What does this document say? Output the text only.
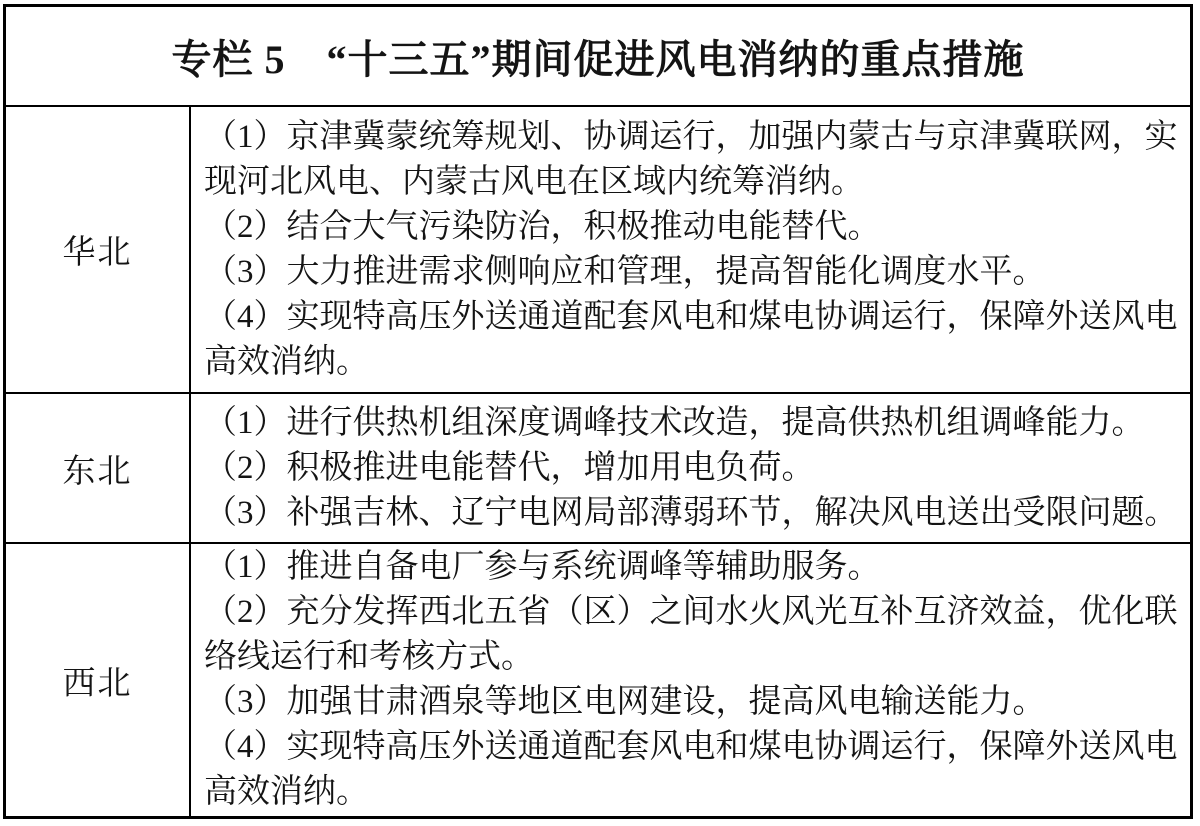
专栏 5　“十三五”期间促进风电消纳的重点措施
华北
（1）京津冀蒙统筹规划、协调运行，加强内蒙古与京津冀联网，实
现河北风电、内蒙古风电在区域内统筹消纳。
（2）结合大气污染防治，积极推动电能替代。
（3）大力推进需求侧响应和管理，提高智能化调度水平。
（4）实现特高压外送通道配套风电和煤电协调运行，保障外送风电
高效消纳。
东北
（1）进行供热机组深度调峰技术改造，提高供热机组调峰能力。
（2）积极推进电能替代，增加用电负荷。
（3）补强吉林、辽宁电网局部薄弱环节，解决风电送出受限问题。
西北
（1）推进自备电厂参与系统调峰等辅助服务。
（2）充分发挥西北五省（区）之间水火风光互补互济效益，优化联
络线运行和考核方式。
（3）加强甘肃酒泉等地区电网建设，提高风电输送能力。
（4）实现特高压外送通道配套风电和煤电协调运行，保障外送风电
高效消纳。
